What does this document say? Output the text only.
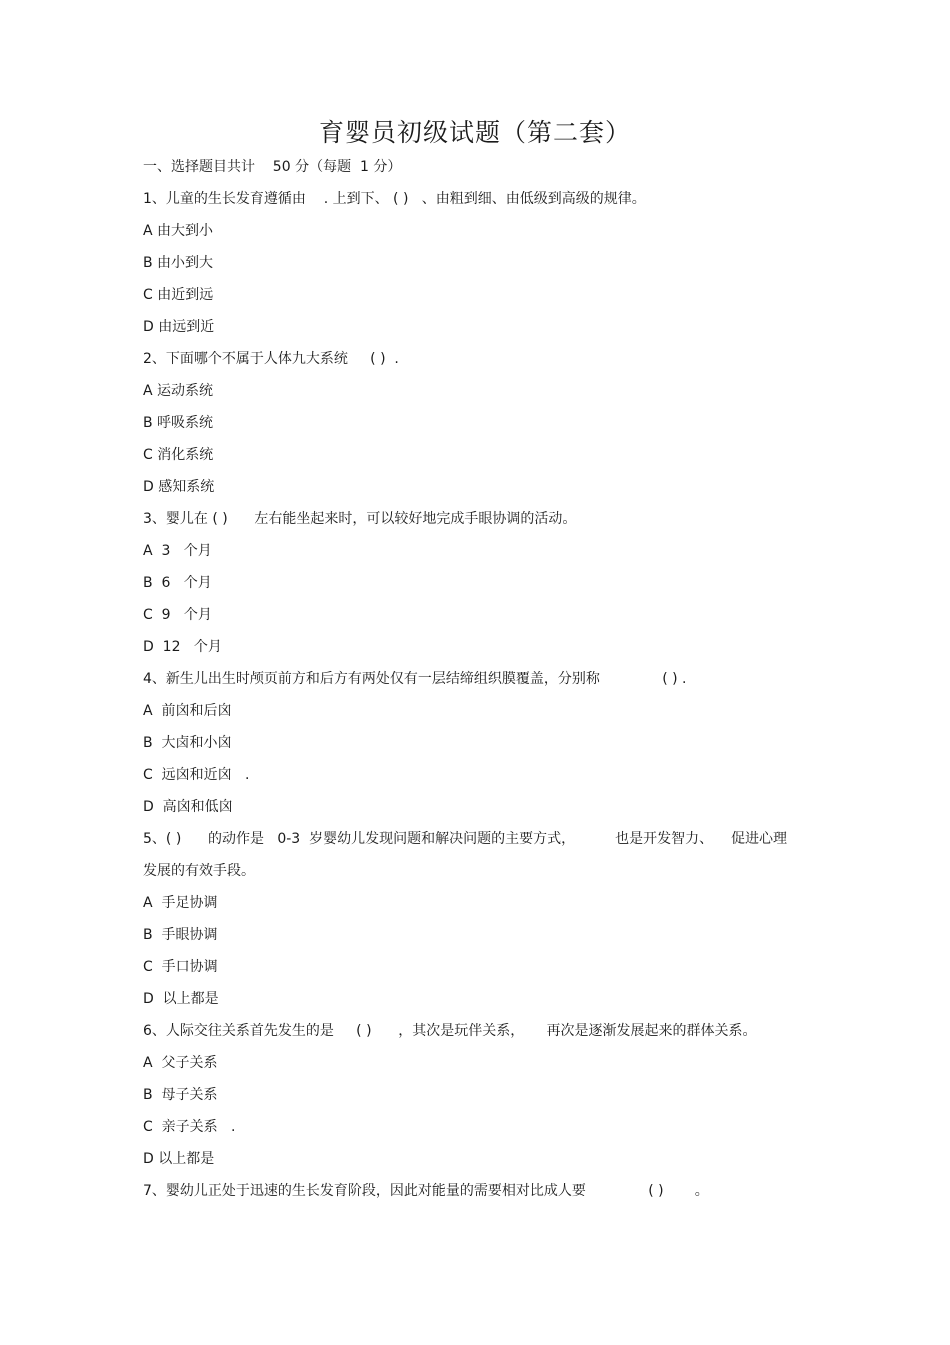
育婴员初级试题（第二套）
一、选择题目共计    50 分（每题  1 分）
1、儿童的生长发育遵循由    . 上到下、 ( )   、由粗到细、由低级到高级的规律。
A 由大到小
B 由小到大
C 由近到远
D 由远到近
2、下面哪个不属于人体九大系统     ( )  .
A 运动系统
B 呼吸系统
C 消化系统
D 感知系统
3、婴儿在 ( )      左右能坐起来时，可以较好地完成手眼协调的活动。
A  3   个月
B  6   个月
C  9   个月
D  12   个月
4、新生儿出生时颅页前方和后方有两处仅有一层结缔组织膜覆盖，分别称              ( ) .
A  前囟和后囟
B  大卤和小囟
C  远囟和近囟   .
D  高囟和低囟
5、( )      的动作是   0-3  岁婴幼儿发现问题和解决问题的主要方式，         也是开发智力、    促进心理
发展的有效手段。
A  手足协调
B  手眼协调
C  手口协调
D  以上都是
6、人际交往关系首先发生的是     ( )      ，其次是玩伴关系，     再次是逐渐发展起来的群体关系。
A  父子关系
B  母子关系
C  亲子关系   .
D 以上都是
7、婴幼儿正处于迅速的生长发育阶段，因此对能量的需要相对比成人要              ( )       。
